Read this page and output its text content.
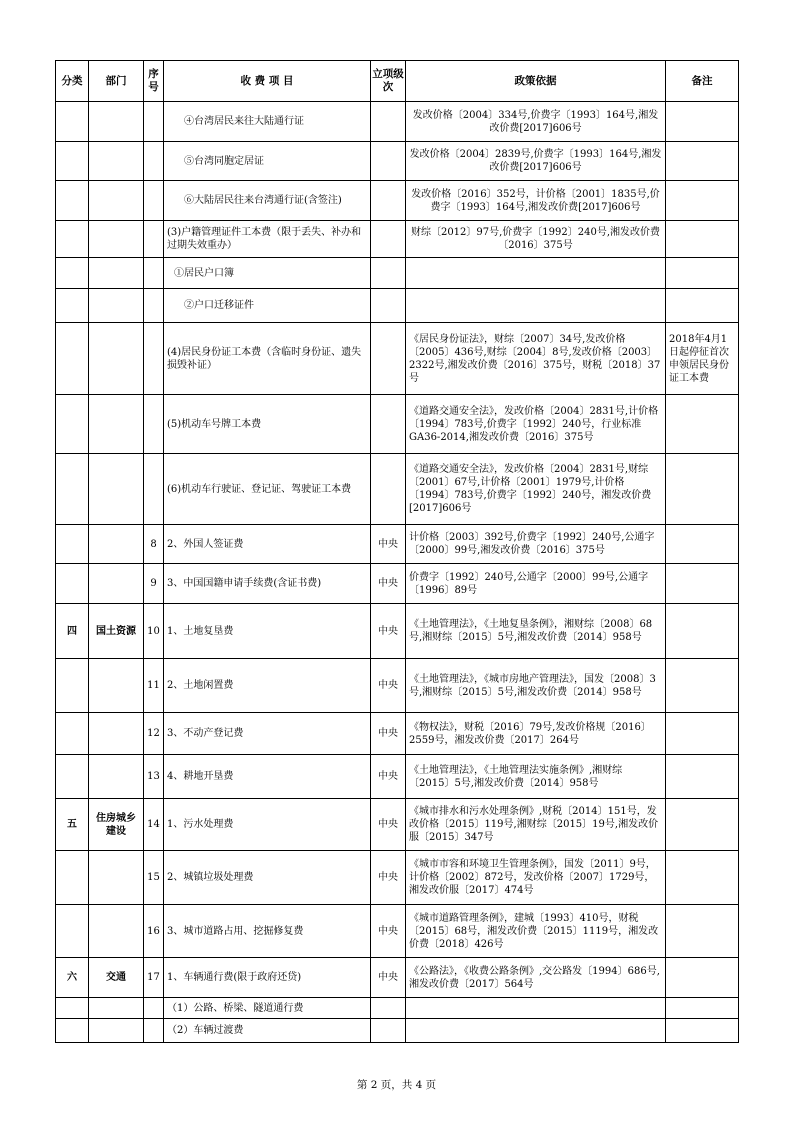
分类	部门	序号	收 费 项 目	立项级次	政策依据	备注
			④台湾居民来往大陆通行证		发改价格〔2004〕334号,价费字〔1993〕164号,湘发改价费[2017]606号	
			⑤台湾同胞定居证		发改价格〔2004〕2839号,价费字〔1993〕164号,湘发改价费[2017]606号	
			⑥大陆居民往来台湾通行证(含签注)		发改价格〔2016〕352号，计价格〔2001〕1835号,价费字〔1993〕164号,湘发改价费[2017]606号	
			(3)户籍管理证件工本费（限于丢失、补办和过期失效重办）		财综〔2012〕97号,价费字〔1992〕240号,湘发改价费〔2016〕375号	
			①居民户口簿			
			②户口迁移证件			
			(4)居民身份证工本费（含临时身份证、遗失损毁补证）		《居民身份证法》，财综〔2007〕34号,发改价格〔2005〕436号,财综〔2004〕8号,发改价格〔2003〕2322号,湘发改价费〔2016〕375号，财税〔2018〕37号	2018年4月1日起停征首次申领居民身份证工本费
			(5)机动车号牌工本费		《道路交通安全法》，发改价格〔2004〕2831号,计价格〔1994〕783号,价费字〔1992〕240号，行业标准GA36-2014,湘发改价费〔2016〕375号	
			(6)机动车行驶证、登记证、驾驶证工本费		《道路交通安全法》，发改价格〔2004〕2831号,财综〔2001〕67号,计价格〔2001〕1979号,计价格〔1994〕783号,价费字〔1992〕240号，湘发改价费[2017]606号	
		8	2、外国人签证费	中央	计价格〔2003〕392号,价费字〔1992〕240号,公通字〔2000〕99号,湘发改价费〔2016〕375号	
		9	3、中国国籍申请手续费(含证书费)	中央	价费字〔1992〕240号,公通字〔2000〕99号,公通字〔1996〕89号	
四	国土资源	10	1、土地复垦费	中央	《土地管理法》，《土地复垦条例》，湘财综〔2008〕68号,湘财综〔2015〕5号,湘发改价费〔2014〕958号	
		11	2、土地闲置费	中央	《土地管理法》，《城市房地产管理法》，国发〔2008〕3号,湘财综〔2015〕5号,湘发改价费〔2014〕958号	
		12	3、不动产登记费	中央	《物权法》，财税〔2016〕79号,发改价格规〔2016〕2559号，湘发改价费〔2017〕264号	
		13	4、耕地开垦费	中央	《土地管理法》，《土地管理法实施条例》,湘财综〔2015〕5号,湘发改价费〔2014〕958号	
五	住房城乡建设	14	1、污水处理费	中央	《城市排水和污水处理条例》,财税〔2014〕151号，发改价格〔2015〕119号,湘财综〔2015〕19号,湘发改价服〔2015〕347号	
		15	2、城镇垃圾处理费	中央	《城市市容和环境卫生管理条例》，国发〔2011〕9号，计价格〔2002〕872号，发改价格〔2007〕1729号，湘发改价服〔2017〕474号	
		16	3、城市道路占用、挖掘修复费	中央	《城市道路管理条例》，建城〔1993〕410号，财税〔2015〕68号，湘发改价费〔2015〕1119号，湘发改价费〔2018〕426号	
六	交通	17	1、车辆通行费(限于政府还贷)	中央	《公路法》，《收费公路条例》,交公路发〔1994〕686号,湘发改价费〔2017〕564号	
			（1）公路、桥梁、隧道通行费			
			（2）车辆过渡费			
第 2 页，共 4 页
